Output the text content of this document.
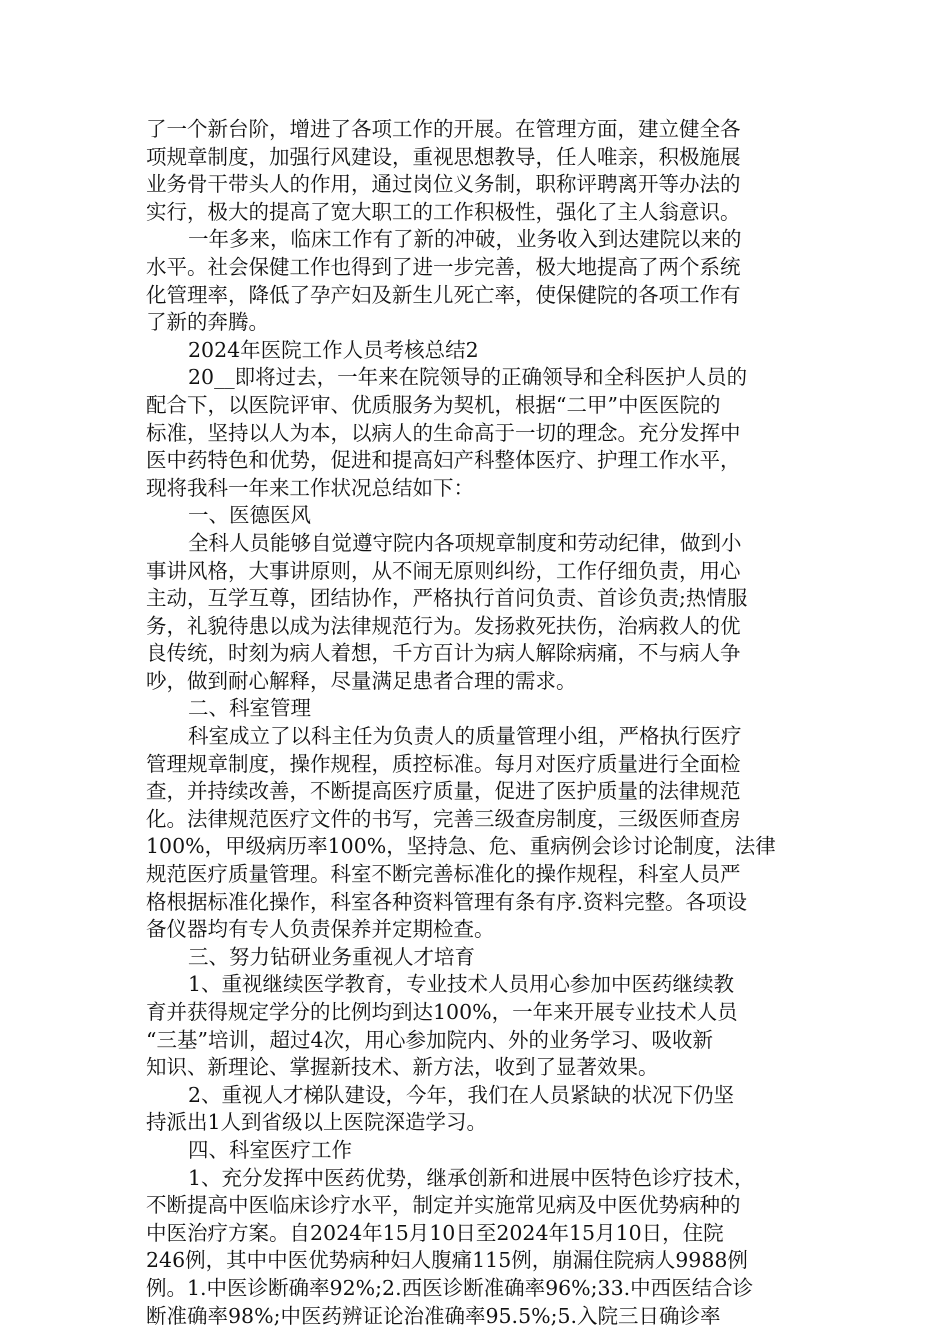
了一个新台阶，增进了各项工作的开展。在管理方面，建立健全各
项规章制度，加强行风建设，重视思想教导，任人唯亲，积极施展
业务骨干带头人的作用，通过岗位义务制，职称评聘离开等办法的
实行，极大的提高了宽大职工的工作积极性，强化了主人翁意识。
一年多来，临床工作有了新的冲破，业务收入到达建院以来的
水平。社会保健工作也得到了进一步完善，极大地提高了两个系统
化管理率，降低了孕产妇及新生儿死亡率，使保健院的各项工作有
了新的奔腾。
2024年医院工作人员考核总结2
20__即将过去，一年来在院领导的正确领导和全科医护人员的
配合下，以医院评审、优质服务为契机，根据“二甲”中医医院的
标准，坚持以人为本，以病人的生命高于一切的理念。充分发挥中
医中药特色和优势，促进和提高妇产科整体医疗、护理工作水平，
现将我科一年来工作状况总结如下：
一、医德医风
全科人员能够自觉遵守院内各项规章制度和劳动纪律，做到小
事讲风格，大事讲原则，从不闹无原则纠纷，工作仔细负责，用心
主动，互学互尊，团结协作，严格执行首问负责、首诊负责;热情服
务，礼貌待患以成为法律规范行为。发扬救死扶伤，治病救人的优
良传统，时刻为病人着想，千方百计为病人解除病痛，不与病人争
吵，做到耐心解释，尽量满足患者合理的需求。
二、科室管理
科室成立了以科主任为负责人的质量管理小组，严格执行医疗
管理规章制度，操作规程，质控标准。每月对医疗质量进行全面检
查，并持续改善，不断提高医疗质量，促进了医护质量的法律规范
化。法律规范医疗文件的书写，完善三级查房制度，三级医师查房
100%，甲级病历率100%，坚持急、危、重病例会诊讨论制度，法律
规范医疗质量管理。科室不断完善标准化的操作规程，科室人员严
格根据标准化操作，科室各种资料管理有条有序.资料完整。各项设
备仪器均有专人负责保养并定期检查。
三、努力钻研业务重视人才培育
1、重视继续医学教育，专业技术人员用心参加中医药继续教
育并获得规定学分的比例均到达100%，一年来开展专业技术人员
“三基”培训，超过4次，用心参加院内、外的业务学习、吸收新
知识、新理论、掌握新技术、新方法，收到了显著效果。
2、重视人才梯队建设，今年，我们在人员紧缺的状况下仍坚
持派出1人到省级以上医院深造学习。
四、科室医疗工作
1、充分发挥中医药优势，继承创新和进展中医特色诊疗技术，
不断提高中医临床诊疗水平，制定并实施常见病及中医优势病种的
中医治疗方案。自2024年15月10日至2024年15月10日，住院
246例，其中中医优势病种妇人腹痛115例，崩漏住院病人9988例
例。1.中医诊断确率92%;2.西医诊断准确率96%;33.中西医结合诊
断准确率98%;中医药辨证论治准确率95.5%;5.入院三日确诊率
